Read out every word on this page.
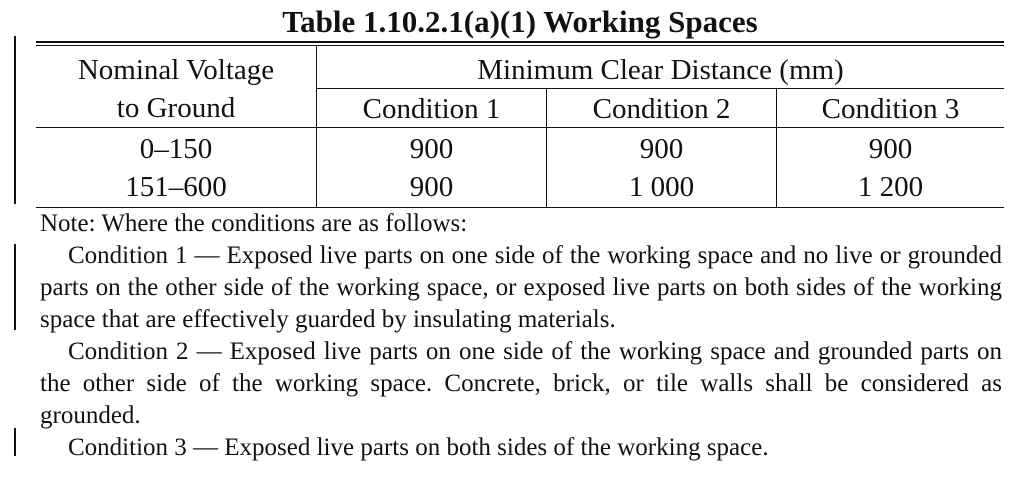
Table 1.10.2.1(a)(1) Working Spaces
Nominal Voltage
to Ground
Minimum Clear Distance (mm)
Condition 1	Condition 2	Condition 3
0–150	900	900	900
151–600	900	1 000	1 200

Note: Where the conditions are as follows:

Condition 1 — Exposed live parts on one side of the working space and no live or grounded parts on the other side of the working space, or exposed live parts on both sides of the working space that are effectively guarded by insulating materials.

Condition 2 — Exposed live parts on one side of the working space and grounded parts on the other side of the working space. Concrete, brick, or tile walls shall be considered as grounded.

Condition 3 — Exposed live parts on both sides of the working space.
